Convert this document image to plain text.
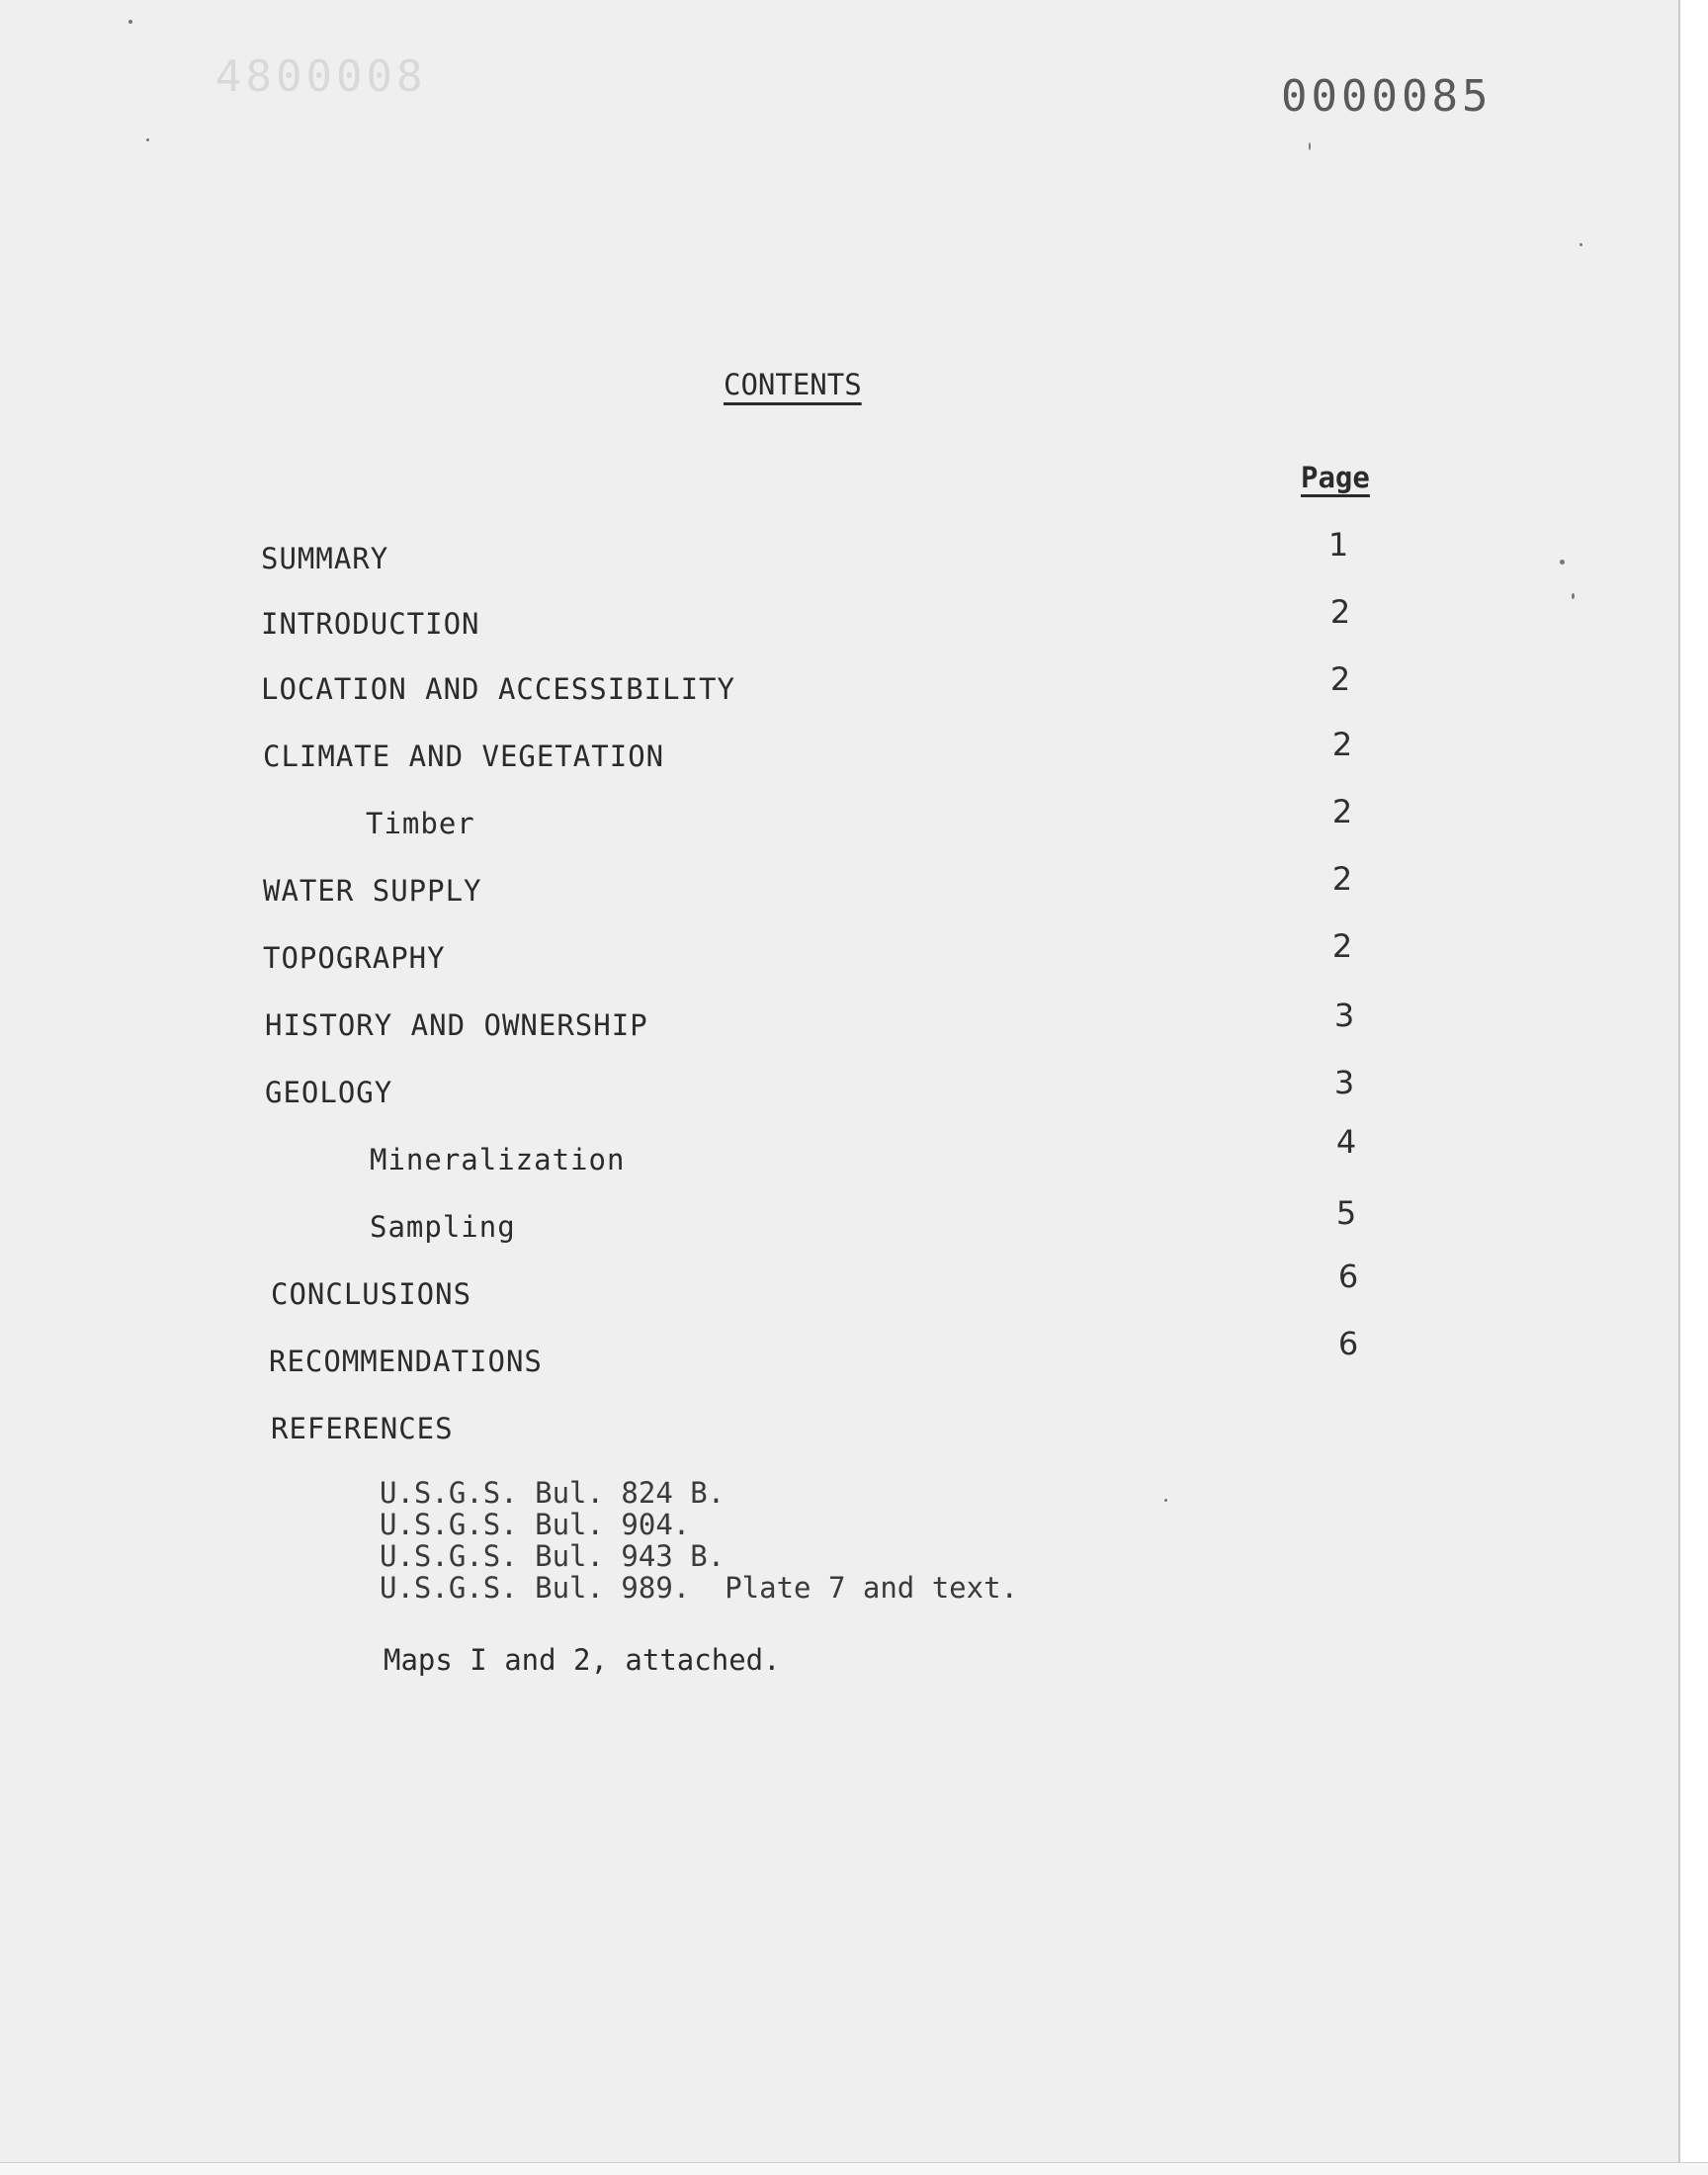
4800008	0000085
CONTENTS
Page
SUMMARY	1
INTRODUCTION	2
LOCATION AND ACCESSIBILITY	2
CLIMATE AND VEGETATION	2
Timber	2
WATER SUPPLY	2
TOPOGRAPHY	2
HISTORY AND OWNERSHIP	3
GEOLOGY	3
Mineralization	4
Sampling	5
CONCLUSIONS	6
RECOMMENDATIONS	6
REFERENCES
U.S.G.S. Bul. 824 B.
U.S.G.S. Bul. 904.
U.S.G.S. Bul. 943 B.
U.S.G.S. Bul. 989.  Plate 7 and text.
Maps I and 2, attached.
